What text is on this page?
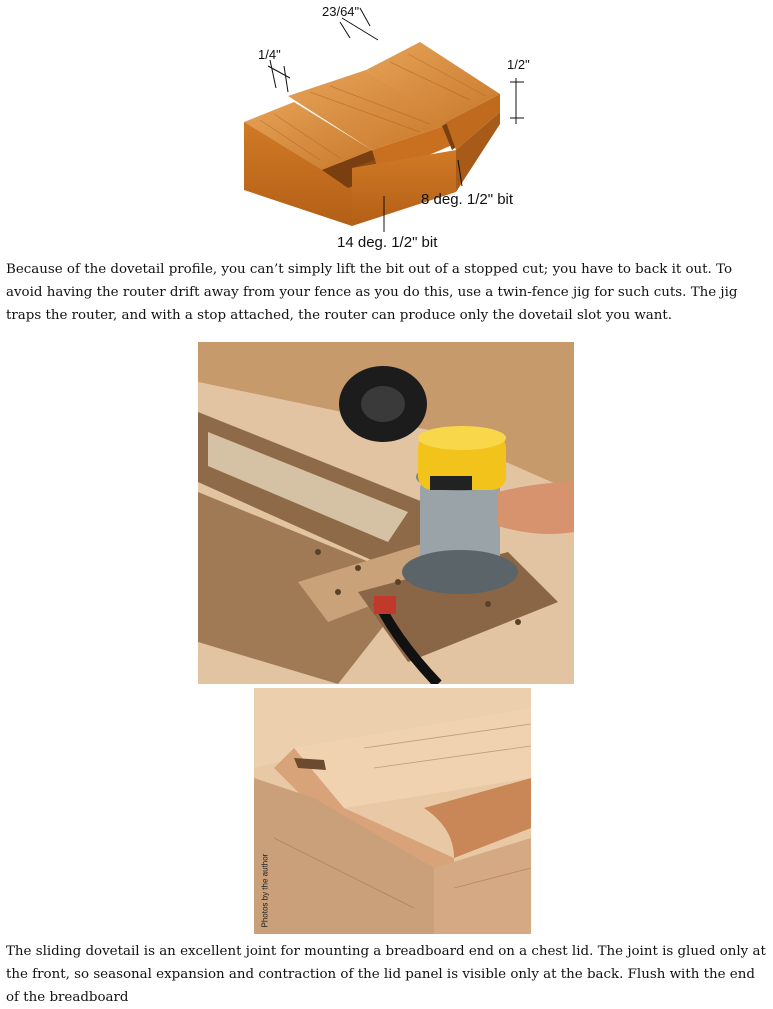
23/64"
1/4"
1/2"
8 deg. 1/2" bit
14 deg. 1/2" bit

Because of the dovetail profile, you can’t simply lift the bit out of a stopped cut; you have to back it out. To avoid having the router drift away from your fence as you do this, use a twin-fence jig for such cuts. The jig traps the router, and with a stop attached, the router can produce only the dovetail slot you want.

Photos by the author

The sliding dovetail is an excellent joint for mounting a breadboard end on a chest lid. The joint is glued only at the front, so seasonal expansion and contraction of the lid panel is visible only at the back. Flush with the end of the breadboard
